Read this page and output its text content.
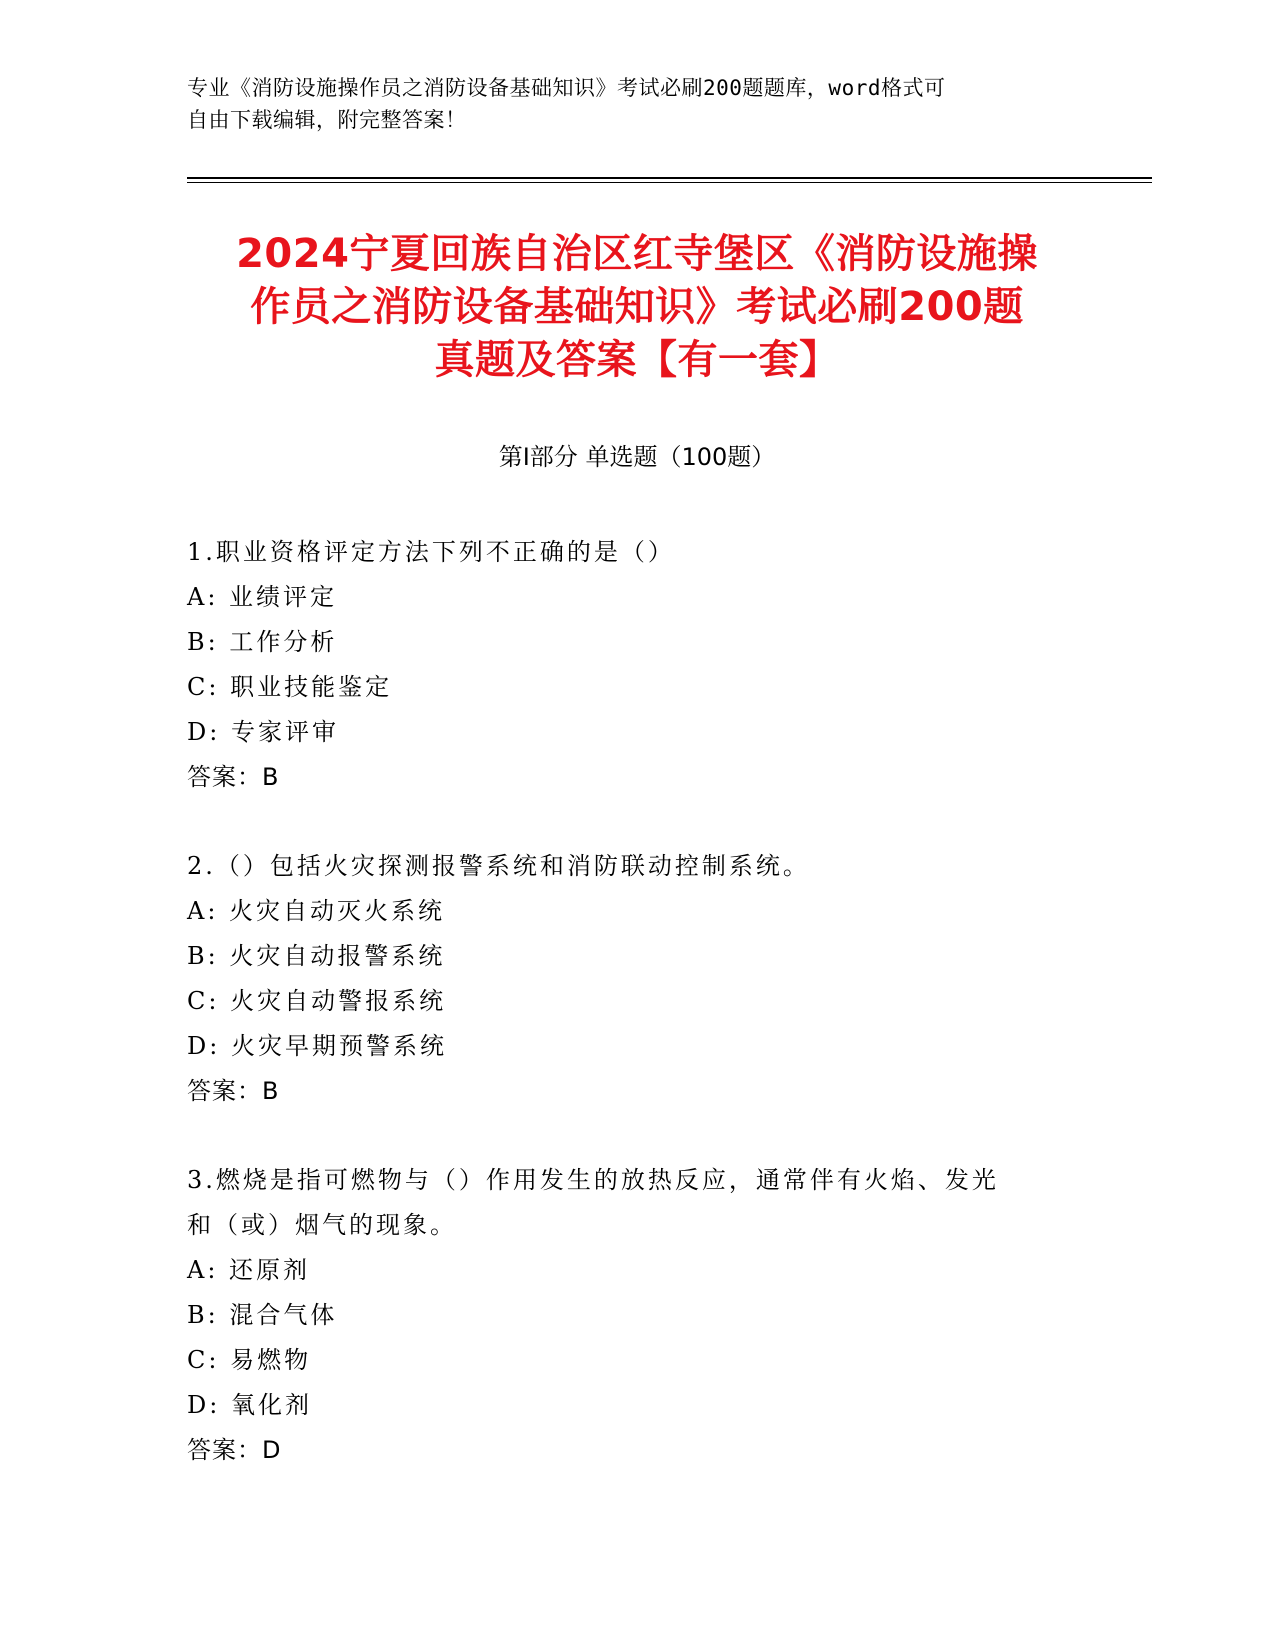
专业《消防设施操作员之消防设备基础知识》考试必刷200题题库，word格式可
自由下载编辑，附完整答案！
2024宁夏回族自治区红寺堡区《消防设施操
作员之消防设备基础知识》考试必刷200题
真题及答案【有一套】
第I部分 单选题（100题）
1.职业资格评定方法下列不正确的是（）
A: 业绩评定
B: 工作分析
C: 职业技能鉴定
D: 专家评审
答案：B
2.（）包括火灾探测报警系统和消防联动控制系统。
A: 火灾自动灭火系统
B: 火灾自动报警系统
C: 火灾自动警报系统
D: 火灾早期预警系统
答案：B
3.燃烧是指可燃物与（）作用发生的放热反应，通常伴有火焰、发光
和（或）烟气的现象。
A: 还原剂
B: 混合气体
C: 易燃物
D: 氧化剂
答案：D
